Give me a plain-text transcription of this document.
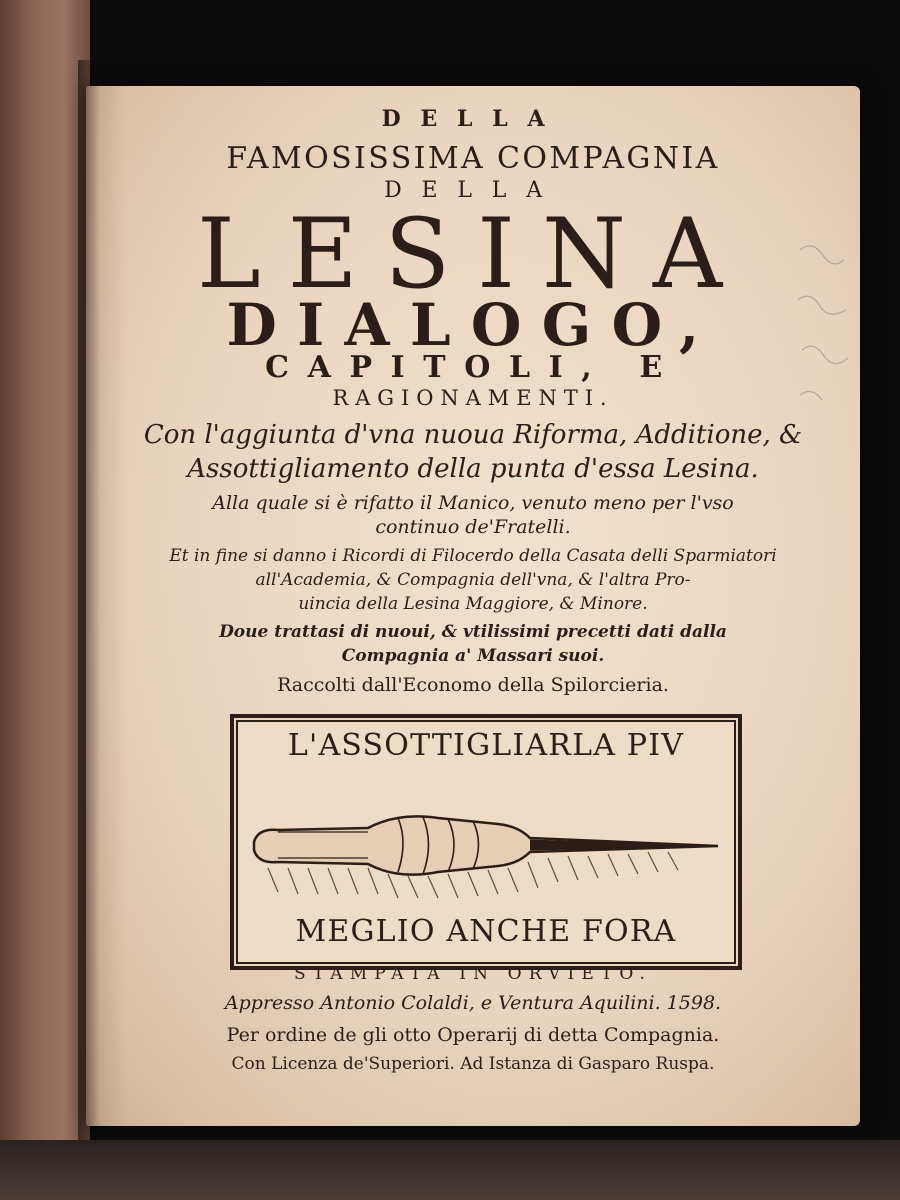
DELLA
FAMOSISSIMA COMPAGNIA
DELLA
LESINA
DIALOGO,
CAPITOLI, E
RAGIONAMENTI.
Con l'aggiunta d'vna nuoua Riforma, Additione, &
Assottigliamento della punta d'essa Lesina.
Alla quale si è rifatto il Manico, venuto meno per l'vso
continuo de'Fratelli.
Et in fine si danno i Ricordi di Filocerdo della Casata delli Sparmiatori
all'Academia, & Compagnia dell'vna, & l'altra Pro-
uincia della Lesina Maggiore, & Minore.
Doue trattasi di nuoui, & vtilissimi precetti dati dalla
Compagnia a' Massari suoi.
Raccolti dall'Economo della Spilorcieria.
L'ASSOTTIGLIARLA PIV
MEGLIO ANCHE FORA
STAMPATA IN ORVIETO.
Appresso Antonio Colaldi, e Ventura Aquilini. 1598.
Per ordine de gli otto Operarij di detta Compagnia.
Con Licenza de'Superiori. Ad Istanza di Gasparo Ruspa.
